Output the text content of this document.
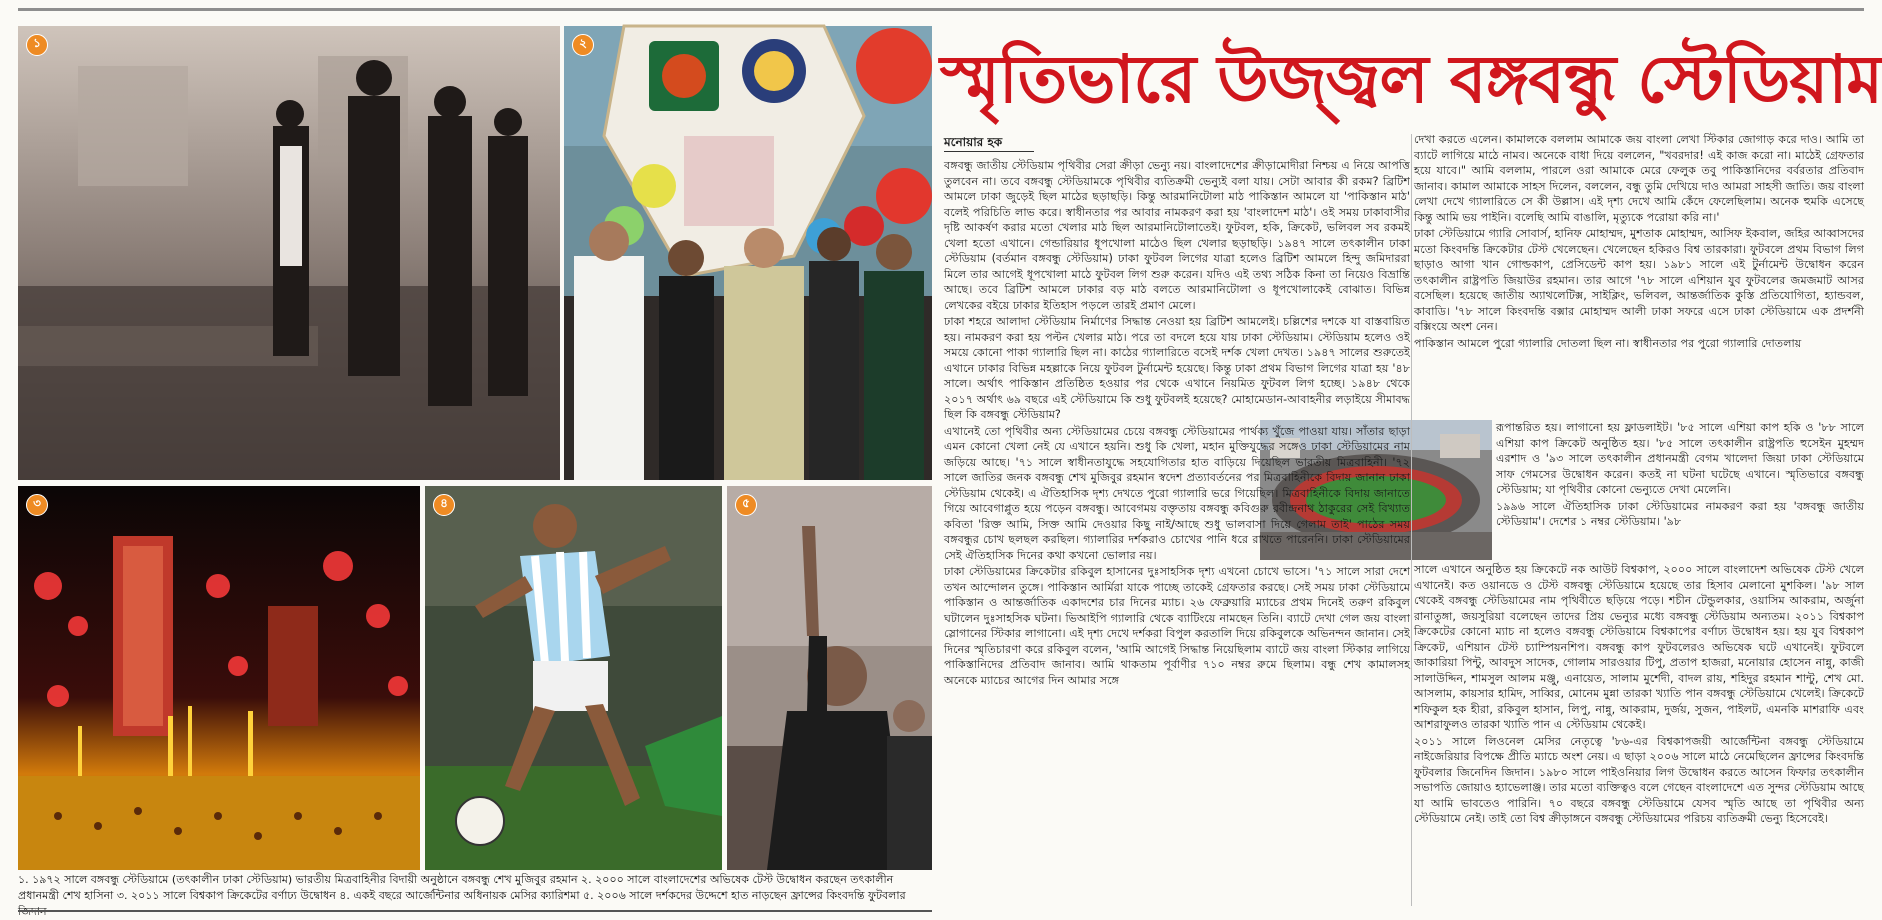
১	২
৩	৪	৫
১. ১৯৭২ সালে বঙ্গবন্ধু স্টেডিয়ামে (তৎকালীন ঢাকা স্টেডিয়াম) ভারতীয় মিত্রবাহিনীর বিদায়ী অনুষ্ঠানে বঙ্গবন্ধু শেখ মুজিবুর রহমান ২. ২০০০ সালে বাংলাদেশের অভিষেক টেস্ট উদ্বোধন করছেন তৎকালীন প্রধানমন্ত্রী শেখ হাসিনা ৩. ২০১১ সালে বিশ্বকাপ ক্রিকেটের বর্ণাঢ্য উদ্বোধন ৪. একই বছরে আর্জেন্টিনার অধিনায়ক মেসির ক্যারিশমা ৫. ২০০৬ সালে দর্শকদের উদ্দেশে হাত নাড়ছেন ফ্রান্সের কিংবদন্তি ফুটবলার
স্মৃতিভারে উজ্জ্বল বঙ্গবন্ধু স্টেডিয়াম
মনোয়ার হক

বঙ্গবন্ধু জাতীয় স্টেডিয়াম পৃথিবীর সেরা ক্রীড়া ভেন্যু নয়। বাংলাদেশের ক্রীড়ামোদীরা নিশ্চয় এ নিয়ে আপত্তি তুলবেন না। তবে বঙ্গবন্ধু স্টেডিয়ামকে পৃথিবীর ব্যতিক্রমী ভেন্যুই বলা যায়। সেটা আবার কী রকম? ব্রিটিশ আমলে ঢাকা জুড়েই ছিল মাঠের ছড়াছড়ি। কিন্তু আরমানিটোলা মাঠ পাকিস্তান আমলে যা 'পাকিস্তান মাঠ' বলেই পরিচিতি লাভ করে। স্বাধীনতার পর আবার নামকরণ করা হয় 'বাংলাদেশ মাঠ'। ওই সময় ঢাকাবাসীর দৃষ্টি আকর্ষণ করার মতো খেলার মাঠ ছিল আরমানিটোলাতেই। ফুটবল, হকি, ক্রিকেট, ভলিবল সব রকমই খেলা হতো এখানে। গেন্ডারিয়ার ধূপখোলা মাঠেও ছিল খেলার ছড়াছড়ি। ১৯৪৭ সালে তৎকালীন ঢাকা স্টেডিয়াম (বর্তমান বঙ্গবন্ধু স্টেডিয়াম) ঢাকা ফুটবল লিগের যাত্রা হলেও ব্রিটিশ আমলে হিন্দু জমিদাররা মিলে তার আগেই ধূপখোলা মাঠে ফুটবল লিগ শুরু করেন। যদিও এই তথ্য সঠিক কিনা তা নিয়েও বিভ্রান্তি আছে। তবে ব্রিটিশ আমলে ঢাকার বড় মাঠ বলতে আরমানিটোলা ও ধূপখোলাকেই বোঝাত। বিভিন্ন লেখকের বইয়ে ঢাকার ইতিহাস পড়লে তারই প্রমাণ মেলে।

ঢাকা শহরে আলাদা স্টেডিয়াম নির্মাণের সিদ্ধান্ত নেওয়া হয় ব্রিটিশ আমলেই। চল্লিশের দশকে যা বাস্তবায়িত হয়। নামকরণ করা হয় পল্টন খেলার মাঠ। পরে তা বদলে হয়ে যায় ঢাকা স্টেডিয়াম। স্টেডিয়াম হলেও ওই সময়ে কোনো পাকা গ্যালারি ছিল না। কাঠের গ্যালারিতে বসেই দর্শক খেলা দেখত। ১৯৪৭ সালের শুরুতেই এখানে ঢাকার বিভিন্ন মহল্লাকে নিয়ে ফুটবল টুর্নামেন্ট হয়েছে। কিন্তু ঢাকা প্রথম বিভাগ লিগের যাত্রা হয় '৪৮ সালে। অর্থাৎ পাকিস্তান প্রতিষ্ঠিত হওয়ার পর থেকে এখানে নিয়মিত ফুটবল লিগ হচ্ছে। ১৯৪৮ থেকে ২০১৭ অর্থাৎ ৬৯ বছরে এই স্টেডিয়ামে কি শুধু ফুটবলই হয়েছে? মোহামেডান-আবাহনীর লড়াইয়ে সীমাবদ্ধ ছিল কি বঙ্গবন্ধু স্টেডিয়াম?

এখানেই তো পৃথিবীর অন্য স্টেডিয়ামের চেয়ে বঙ্গবন্ধু স্টেডিয়ামের পার্থক্য খুঁজে পাওয়া যায়। সাঁতার ছাড়া এমন কোনো খেলা নেই যে এখানে হয়নি। শুধু কি খেলা, মহান মুক্তিযুদ্ধের সঙ্গেও ঢাকা স্টেডিয়ামের নাম জড়িয়ে আছে। '৭১ সালে স্বাধীনতাযুদ্ধে সহযোগিতার হাত বাড়িয়ে দিয়েছিল ভারতীয় মিত্রবাহিনী। '৭২ সালে জাতির জনক বঙ্গবন্ধু শেখ মুজিবুর রহমান স্বদেশ প্রত্যাবর্তনের পর মিত্রবাহিনীকে বিদায় জানান ঢাকা স্টেডিয়াম থেকেই। এ ঐতিহাসিক দৃশ্য দেখতে পুরো গ্যালারি ভরে গিয়েছিল। মিত্রবাহিনীকে বিদায় জানাতে গিয়ে আবেগাপ্লুত হয়ে পড়েন বঙ্গবন্ধু। আবেগময় বক্তৃতায় বঙ্গবন্ধু কবিগুরু রবীন্দ্রনাথ ঠাকুরের সেই বিখ্যাত কবিতা 'রিক্ত আমি, সিক্ত আমি দেওয়ার কিছু নাই/আছে শুধু ভালবাসা দিয়ে গেলাম তাই' পাঠের সময় বঙ্গবন্ধুর চোখ ছলছল করছিল। গ্যালারির দর্শকরাও চোখের পানি ধরে রাখতে পারেননি। ঢাকা স্টেডিয়ামের সেই ঐতিহাসিক দিনের কথা কখনো ভোলার নয়।

ঢাকা স্টেডিয়ামের ক্রিকেটার রকিবুল হাসানের দুঃসাহসিক দৃশ্য এখনো চোখে ভাসে। '৭১ সালে সারা দেশে তখন আন্দোলন তুঙ্গে। পাকিস্তান আর্মিরা যাকে পাচ্ছে তাকেই গ্রেফতার করছে। সেই সময় ঢাকা স্টেডিয়ামে পাকিস্তান ও আন্তর্জাতিক একাদশের চার দিনের ম্যাচ। ২৬ ফেব্রুয়ারি ম্যাচের প্রথম দিনেই তরুণ রকিবুল ঘটালেন দুঃসাহসিক ঘটনা। ভিআইপি গ্যালারি থেকে ব্যাটিংয়ে নামছেন তিনি। ব্যাটে দেখা গেল জয় বাংলা স্লোগানের স্টিকার লাগানো। এই দৃশ্য দেখে দর্শকরা বিপুল করতালি দিয়ে রকিবুলকে অভিনন্দন জানান। সেই দিনের স্মৃতিচারণা করে রকিবুল বলেন, 'আমি আগেই সিদ্ধান্ত নিয়েছিলাম ব্যাটে জয় বাংলা স্টিকার লাগিয়ে পাকিস্তানিদের প্রতিবাদ জানাব। আমি থাকতাম পূর্বাণীর ৭১০ নম্বর রুমে ছিলাম। বন্ধু শেখ কামালসহ অনেকে ম্যাচের আগের দিন আমার সঙ্গে

দেখা করতে এলেন। কামালকে বললাম আমাকে জয় বাংলা লেখা স্টিকার জোগাড় করে দাও। আমি তা ব্যাটে লাগিয়ে মাঠে নামব। অনেকে বাধা দিয়ে বললেন, "খবরদার! এই কাজ করো না। মাঠেই গ্রেফতার হয়ে যাবে।" আমি বললাম, পারলে ওরা আমাকে মেরে ফেলুক তবু পাকিস্তানিদের বর্বরতার প্রতিবাদ জানাব। কামাল আমাকে সাহস দিলেন, বললেন, বন্ধু তুমি দেখিয়ে দাও আমরা সাহসী জাতি। জয় বাংলা লেখা দেখে গ্যালারিতে সে কী উল্লাস। এই দৃশ্য দেখে আমি কেঁদে ফেলেছিলাম। অনেক হুমকি এসেছে কিন্তু আমি ভয় পাইনি। বলেছি আমি বাঙালি, মৃত্যুকে পরোয়া করি না।'

ঢাকা স্টেডিয়ামে গ্যারি সোবার্স, হানিফ মোহাম্মদ, মুশতাক মোহাম্মদ, আসিফ ইকবাল, জহির আব্বাসদের মতো কিংবদন্তি ক্রিকেটার টেস্ট খেলেছেন। খেলেছেন হকিরও বিশ্ব তারকারা। ফুটবলে প্রথম বিভাগ লিগ ছাড়াও আগা খান গোল্ডকাপ, প্রেসিডেন্ট কাপ হয়। ১৯৮১ সালে এই টুর্নামেন্ট উদ্বোধন করেন তৎকালীন রাষ্ট্রপতি জিয়াউর রহমান। তার আগে '৭৮ সালে এশিয়ান যুব ফুটবলের জমজমাট আসর বসেছিল। হয়েছে জাতীয় অ্যাথলেটিক্স, সাইক্লিং, ভলিবল, আন্তর্জাতিক কুস্তি প্রতিযোগিতা, হ্যান্ডবল, কাবাডি। '৭৮ সালে কিংবদন্তি বক্সার মোহাম্মদ আলী ঢাকা সফরে এসে ঢাকা স্টেডিয়ামে এক প্রদর্শনী বক্সিংয়ে অংশ নেন।

পাকিস্তান আমলে পুরো গ্যালারি দোতলা ছিল না। স্বাধীনতার পর পুরো গ্যালারি দোতলায়

রূপান্তরিত হয়। লাগানো হয় ফ্লাডলাইট। '৮৫ সালে এশিয়া কাপ হকি ও '৮৮ সালে এশিয়া কাপ ক্রিকেট অনুষ্ঠিত হয়। '৮৫ সালে তৎকালীন রাষ্ট্রপতি হুসেইন মুহম্মদ এরশাদ ও '৯৩ সালে তৎকালীন প্রধানমন্ত্রী বেগম খালেদা জিয়া ঢাকা স্টেডিয়ামে সাফ গেমসের উদ্বোধন করেন। কতই না ঘটনা ঘটেছে এখানে। স্মৃতিভারে বঙ্গবন্ধু স্টেডিয়াম; যা পৃথিবীর কোনো ভেন্যুতে দেখা মেলেনি।

১৯৯৬ সালে ঐতিহাসিক ঢাকা স্টেডিয়ামের নামকরণ করা হয় 'বঙ্গবন্ধু জাতীয় স্টেডিয়াম'। দেশের ১ নম্বর স্টেডিয়াম। '৯৮

সালে এখানে অনুষ্ঠিত হয় ক্রিকেটে নক আউট বিশ্বকাপ, ২০০০ সালে বাংলাদেশ অভিষেক টেস্ট খেলে এখানেই। কত ওয়ানডে ও টেস্ট বঙ্গবন্ধু স্টেডিয়ামে হয়েছে তার হিসাব মেলানো মুশকিল। '৯৮ সাল থেকেই বঙ্গবন্ধু স্টেডিয়ামের নাম পৃথিবীতে ছড়িয়ে পড়ে। শচীন টেন্ডুলকার, ওয়াসিম আকরাম, অর্জুনা রানাতুঙ্গা, জয়সুরিয়া বলেছেন তাদের প্রিয় ভেন্যুর মধ্যে বঙ্গবন্ধু স্টেডিয়াম অন্যতম। ২০১১ বিশ্বকাপ ক্রিকেটের কোনো ম্যাচ না হলেও বঙ্গবন্ধু স্টেডিয়ামে বিশ্বকাপের বর্ণাঢ্য উদ্বোধন হয়। হয় যুব বিশ্বকাপ ক্রিকেট, এশিয়ান টেস্ট চ্যাম্পিয়নশিপ। বঙ্গবন্ধু কাপ ফুটবলেরও অভিষেক ঘটে এখানেই। ফুটবলে জাকারিয়া পিন্টু, আবদুস সাদেক, গোলাম সারওয়ার টিপু, প্রতাপ হাজরা, মনোয়ার হোসেন নান্নু, কাজী সালাউদ্দিন, শামসুল আলম মঞ্জু, এনায়েত, সালাম মুর্শেদী, বাদল রায়, শহিদুর রহমান শান্টু, শেখ মো. আসলাম, কায়সার হামিদ, সাব্বির, মোনেম মুন্না তারকা খ্যাতি পান বঙ্গবন্ধু স্টেডিয়ামে খেলেই। ক্রিকেটে শফিকুল হক হীরা, রকিবুল হাসান, লিপু, নান্নু, আকরাম, দুর্জয়, সুজন, পাইলট, এমনকি মাশরাফি এবং আশরাফুলও তারকা খ্যাতি পান এ স্টেডিয়াম থেকেই।

২০১১ সালে লিওনেল মেসির নেতৃত্বে '৮৬-এর বিশ্বকাপজয়ী আর্জেন্টিনা বঙ্গবন্ধু স্টেডিয়ামে নাইজেরিয়ার বিপক্ষে প্রীতি ম্যাচে অংশ নেয়। এ ছাড়া ২০০৬ সালে মাঠে নেমেছিলেন ফ্রান্সের কিংবদন্তি ফুটবলার জিনেদিন জিদান। ১৯৮০ সালে পাইওনিয়ার লিগ উদ্বোধন করতে আসেন ফিফার তৎকালীন সভাপতি জোয়াও হ্যাভেলাঞ্জ। তার মতো ব্যক্তিত্বও বলে গেছেন বাংলাদেশে এত সুন্দর স্টেডিয়াম আছে যা আমি ভাবতেও পারিনি। ৭০ বছরে বঙ্গবন্ধু স্টেডিয়ামে যেসব স্মৃতি আছে তা পৃথিবীর অন্য স্টেডিয়ামে নেই। তাই তো বিশ্ব ক্রীড়াঙ্গনে বঙ্গবন্ধু স্টেডিয়ামের পরিচয় ব্যতিক্রমী ভেন্যু হিসেবেই।
